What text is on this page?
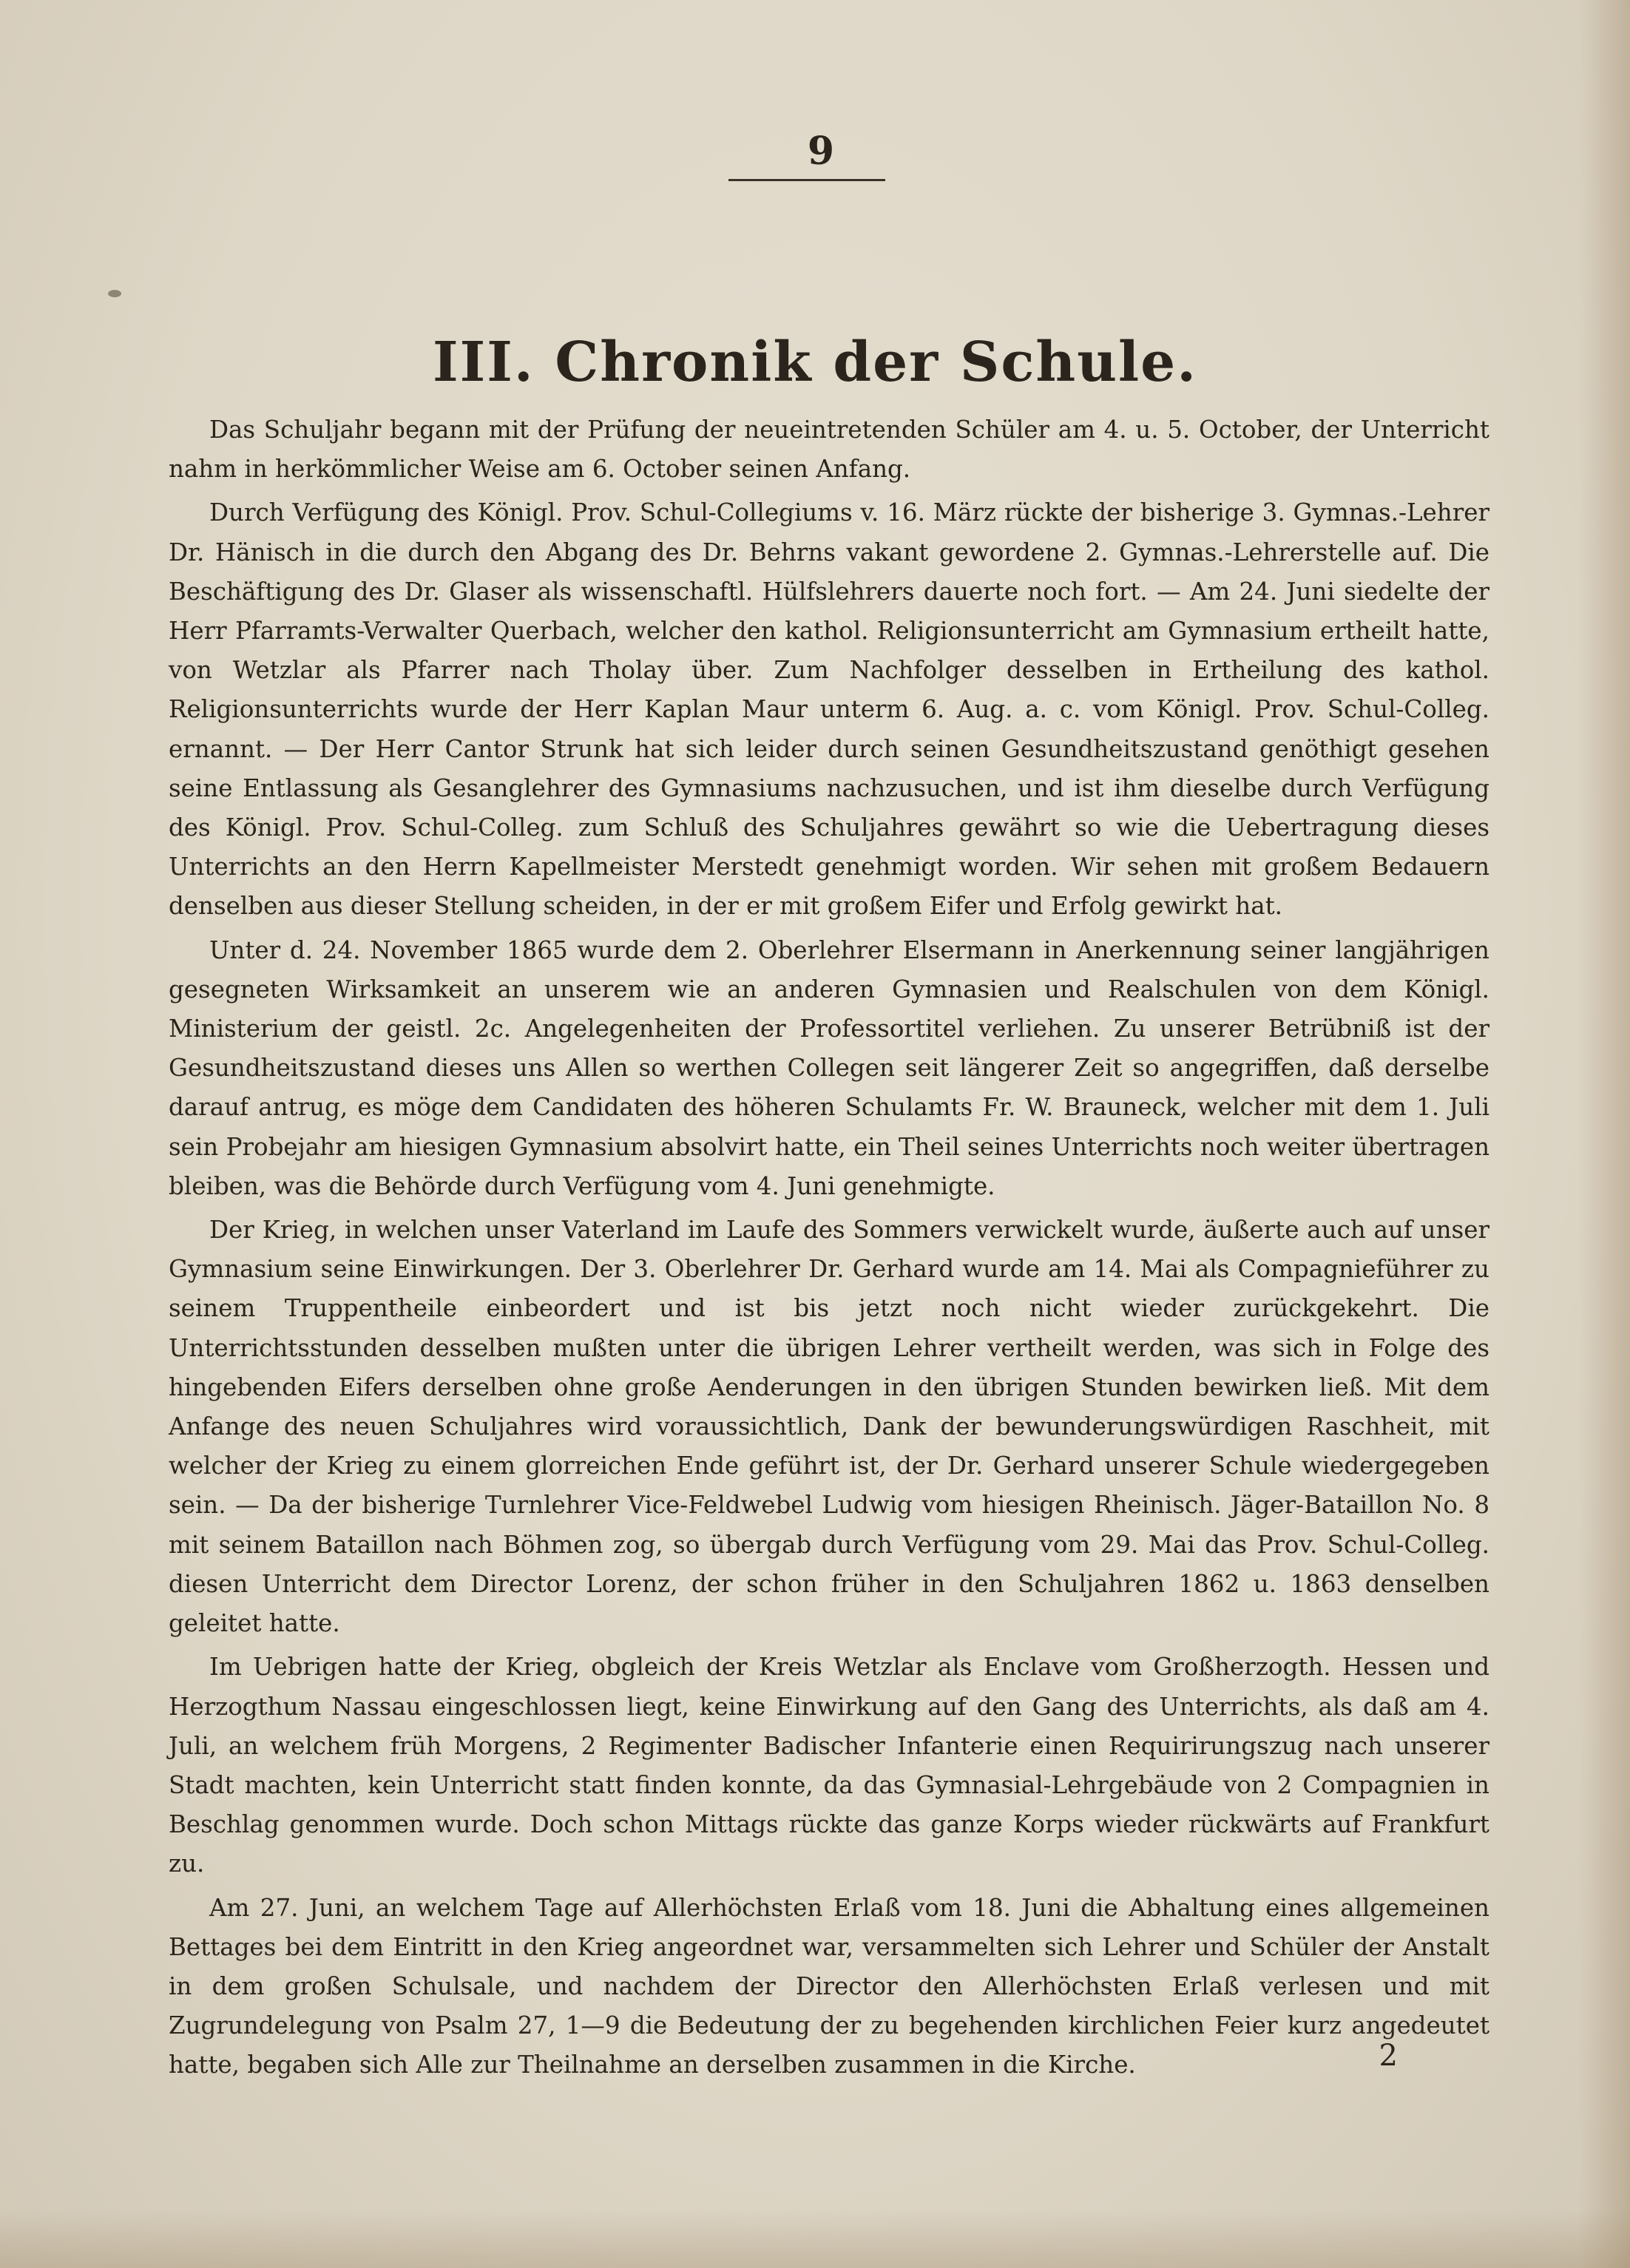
9
III. Chronik der Schule.

Das Schuljahr begann mit der Prüfung der neueintretenden Schüler am 4. u. 5. October, der Unterricht nahm in herkömmlicher Weise am 6. October seinen Anfang.

Durch Verfügung des Königl. Prov. Schul-Collegiums v. 16. März rückte der bisherige 3. Gymnas.-Lehrer Dr. Hänisch in die durch den Abgang des Dr. Behrns vakant gewordene 2. Gymnas.-Lehrerstelle auf. Die Beschäftigung des Dr. Glaser als wissenschaftl. Hülfslehrers dauerte noch fort. — Am 24. Juni siedelte der Herr Pfarramts-Verwalter Querbach, welcher den kathol. Religionsunterricht am Gymnasium ertheilt hatte, von Wetzlar als Pfarrer nach Tholay über. Zum Nachfolger desselben in Ertheilung des kathol. Religionsunterrichts wurde der Herr Kaplan Maur unterm 6. Aug. a. c. vom Königl. Prov. Schul-Colleg. ernannt. — Der Herr Cantor Strunk hat sich leider durch seinen Gesundheitszustand genöthigt gesehen seine Entlassung als Gesanglehrer des Gymnasiums nachzusuchen, und ist ihm dieselbe durch Verfügung des Königl. Prov. Schul-Colleg. zum Schluß des Schuljahres gewährt so wie die Uebertragung dieses Unterrichts an den Herrn Kapellmeister Merstedt genehmigt worden. Wir sehen mit großem Bedauern denselben aus dieser Stellung scheiden, in der er mit großem Eifer und Erfolg gewirkt hat.

Unter d. 24. November 1865 wurde dem 2. Oberlehrer Elsermann in Anerkennung seiner langjährigen gesegneten Wirksamkeit an unserem wie an anderen Gymnasien und Realschulen von dem Königl. Ministerium der geistl. 2c. Angelegenheiten der Professortitel verliehen. Zu unserer Betrübniß ist der Gesundheitszustand dieses uns Allen so werthen Collegen seit längerer Zeit so angegriffen, daß derselbe darauf antrug, es möge dem Candidaten des höheren Schulamts Fr. W. Brauneck, welcher mit dem 1. Juli sein Probejahr am hiesigen Gymnasium absolvirt hatte, ein Theil seines Unterrichts noch weiter übertragen bleiben, was die Behörde durch Verfügung vom 4. Juni genehmigte.

Der Krieg, in welchen unser Vaterland im Laufe des Sommers verwickelt wurde, äußerte auch auf unser Gymnasium seine Einwirkungen. Der 3. Oberlehrer Dr. Gerhard wurde am 14. Mai als Compagnieführer zu seinem Truppentheile einbeordert und ist bis jetzt noch nicht wieder zurückgekehrt. Die Unterrichtsstunden desselben mußten unter die übrigen Lehrer vertheilt werden, was sich in Folge des hingebenden Eifers derselben ohne große Aenderungen in den übrigen Stunden bewirken ließ. Mit dem Anfange des neuen Schuljahres wird voraussichtlich, Dank der bewunderungswürdigen Raschheit, mit welcher der Krieg zu einem glorreichen Ende geführt ist, der Dr. Gerhard unserer Schule wiedergegeben sein. — Da der bisherige Turnlehrer Vice-Feldwebel Ludwig vom hiesigen Rheinisch. Jäger-Bataillon No. 8 mit seinem Bataillon nach Böhmen zog, so übergab durch Verfügung vom 29. Mai das Prov. Schul-Colleg. diesen Unterricht dem Director Lorenz, der schon früher in den Schuljahren 1862 u. 1863 denselben geleitet hatte.

Im Uebrigen hatte der Krieg, obgleich der Kreis Wetzlar als Enclave vom Großherzogth. Hessen und Herzogthum Nassau eingeschlossen liegt, keine Einwirkung auf den Gang des Unterrichts, als daß am 4. Juli, an welchem früh Morgens, 2 Regimenter Badischer Infanterie einen Requirirungszug nach unserer Stadt machten, kein Unterricht statt finden konnte, da das Gymnasial-Lehrgebäude von 2 Compagnien in Beschlag genommen wurde. Doch schon Mittags rückte das ganze Korps wieder rückwärts auf Frankfurt zu.

Am 27. Juni, an welchem Tage auf Allerhöchsten Erlaß vom 18. Juni die Abhaltung eines allgemeinen Bettages bei dem Eintritt in den Krieg angeordnet war, versammelten sich Lehrer und Schüler der Anstalt in dem großen Schulsale, und nachdem der Director den Allerhöchsten Erlaß verlesen und mit Zugrundelegung von Psalm 27, 1—9 die Bedeutung der zu begehenden kirchlichen Feier kurz angedeutet hatte, begaben sich Alle zur Theilnahme an derselben zusammen in die Kirche.	2
